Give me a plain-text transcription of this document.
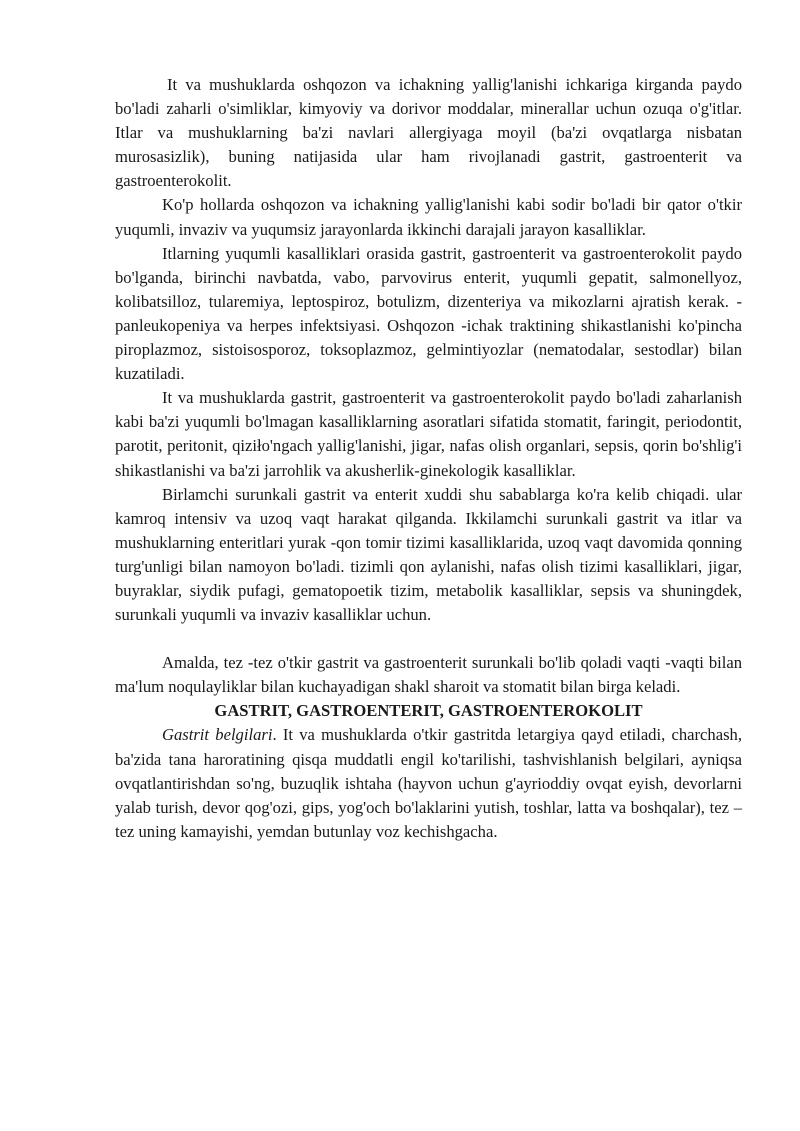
It va mushuklarda oshqozon va ichakning yallig'lanishi ichkariga kirganda paydo bo'ladi zaharli o'simliklar, kimyoviy va dorivor moddalar, minerallar uchun ozuqa o'g'itlar. Itlar va mushuklarning ba'zi navlari allergiyaga moyil (ba'zi ovqatlarga nisbatan murosasizlik), buning natijasida ular ham rivojlanadi gastrit, gastroenterit va gastroenterokolit.

Ko'p hollarda oshqozon va ichakning yallig'lanishi kabi sodir bo'ladi bir qator o'tkir yuqumli, invaziv va yuqumsiz jarayonlarda ikkinchi darajali jarayon kasalliklar.

Itlarning yuqumli kasalliklari orasida gastrit, gastroenterit va gastroenterokolit paydo bo'lganda, birinchi navbatda, vabo, parvovirus enterit, yuqumli gepatit, salmonellyoz, kolibatsilloz, tularemiya, leptospiroz, botulizm, dizenteriya va mikozlarni ajratish kerak. - panleukopeniya va herpes infektsiyasi. Oshqozon -ichak traktining shikastlanishi ko'pincha piroplazmoz, sistoisosporoz, toksoplazmoz, gelmintiyozlar (nematodalar, sestodlar) bilan kuzatiladi.

It va mushuklarda gastrit, gastroenterit va gastroenterokolit paydo bo'ladi zaharlanish kabi ba'zi yuqumli bo'lmagan kasalliklarning asoratlari sifatida stomatit, faringit, periodontit, parotit, peritonit, qiziło'ngach yallig'lanishi, jigar, nafas olish organlari, sepsis, qorin bo'shlig'i shikastlanishi va ba'zi jarrohlik va akusherlik-ginekologik kasalliklar.

Birlamchi surunkali gastrit va enterit xuddi shu sabablarga ko'ra kelib chiqadi. ular kamroq intensiv va uzoq vaqt harakat qilganda. Ikkilamchi surunkali gastrit va itlar va mushuklarning enteritlari yurak -qon tomir tizimi kasalliklarida, uzoq vaqt davomida qonning turg'unligi bilan namoyon bo'ladi. tizimli qon aylanishi, nafas olish tizimi kasalliklari, jigar, buyraklar, siydik pufagi, gematopoetik tizim, metabolik kasalliklar, sepsis va shuningdek, surunkali yuqumli va invaziv kasalliklar uchun.

Amalda, tez -tez o'tkir gastrit va gastroenterit surunkali bo'lib qoladi vaqti -vaqti bilan ma'lum noqulayliklar bilan kuchayadigan shakl sharoit va stomatit bilan birga keladi.

GASTRIT, GASTROENTERIT, GASTROENTEROKOLIT

Gastrit belgilari. It va mushuklarda o'tkir gastritda letargiya qayd etiladi, charchash, ba'zida tana haroratining qisqa muddatli engil ko'tarilishi, tashvishlanish belgilari, ayniqsa ovqatlantirishdan so'ng, buzuqlik ishtaha (hayvon uchun g'ayrioddiy ovqat eyish, devorlarni yalab turish, devor qog'ozi, gips, yog'och bo'laklarini yutish, toshlar, latta va boshqalar), tez –tez uning kamayishi, yemdan butunlay voz kechishgacha.
